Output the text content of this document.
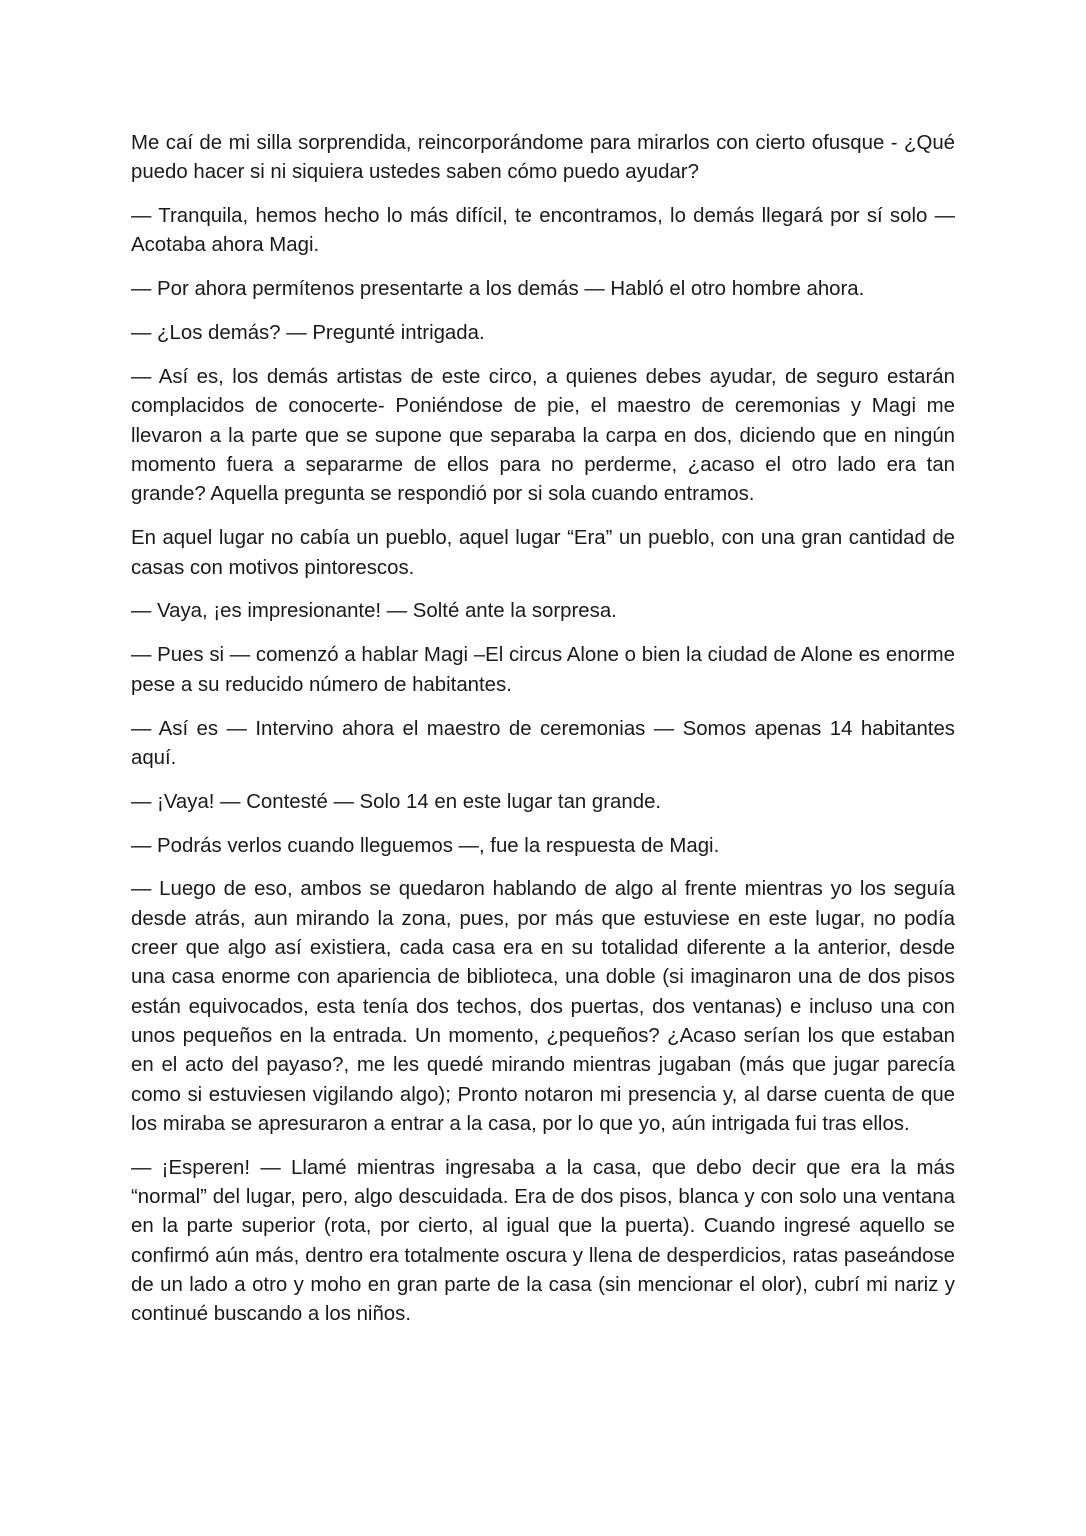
Me caí de mi silla sorprendida, reincorporándome para mirarlos con cierto ofusque - ¿Qué puedo hacer si ni siquiera ustedes saben cómo puedo ayudar?

— Tranquila, hemos hecho lo más difícil, te encontramos, lo demás llegará por sí solo — Acotaba ahora Magi.

— Por ahora permítenos presentarte a los demás — Habló el otro hombre ahora.

— ¿Los demás? — Pregunté intrigada.

— Así es, los demás artistas de este circo, a quienes debes ayudar, de seguro estarán complacidos de conocerte- Poniéndose de pie, el maestro de ceremonias y Magi me llevaron a la parte que se supone que separaba la carpa en dos, diciendo que en ningún momento fuera a separarme de ellos para no perderme, ¿acaso el otro lado era tan grande? Aquella pregunta se respondió por si sola cuando entramos.

En aquel lugar no cabía un pueblo, aquel lugar “Era” un pueblo, con una gran cantidad de casas con motivos pintorescos.

— Vaya, ¡es impresionante! — Solté ante la sorpresa.

— Pues si — comenzó a hablar Magi –El circus Alone o bien la ciudad de Alone es enorme pese a su reducido número de habitantes.

— Así es — Intervino ahora el maestro de ceremonias — Somos apenas 14 habitantes aquí.

— ¡Vaya! — Contesté — Solo 14 en este lugar tan grande.

— Podrás verlos cuando lleguemos —, fue la respuesta de Magi.

— Luego de eso, ambos se quedaron hablando de algo al frente mientras yo los seguía desde atrás, aun mirando la zona, pues, por más que estuviese en este lugar, no podía creer que algo así existiera, cada casa era en su totalidad diferente a la anterior, desde una casa enorme con apariencia de biblioteca, una doble (si imaginaron una de dos pisos están equivocados, esta tenía dos techos, dos puertas, dos ventanas) e incluso una con unos pequeños en la entrada. Un momento, ¿pequeños? ¿Acaso serían los que estaban en el acto del payaso?, me les quedé mirando mientras jugaban (más que jugar parecía como si estuviesen vigilando algo); Pronto notaron mi presencia y, al darse cuenta de que los miraba se apresuraron a entrar a la casa, por lo que yo, aún intrigada fui tras ellos.

— ¡Esperen! — Llamé mientras ingresaba a la casa, que debo decir que era la más “normal” del lugar, pero, algo descuidada. Era de dos pisos, blanca y con solo una ventana en la parte superior (rota, por cierto, al igual que la puerta). Cuando ingresé aquello se confirmó aún más, dentro era totalmente oscura y llena de desperdicios, ratas paseándose de un lado a otro y moho en gran parte de la casa (sin mencionar el olor), cubrí mi nariz y continué buscando a los niños.
